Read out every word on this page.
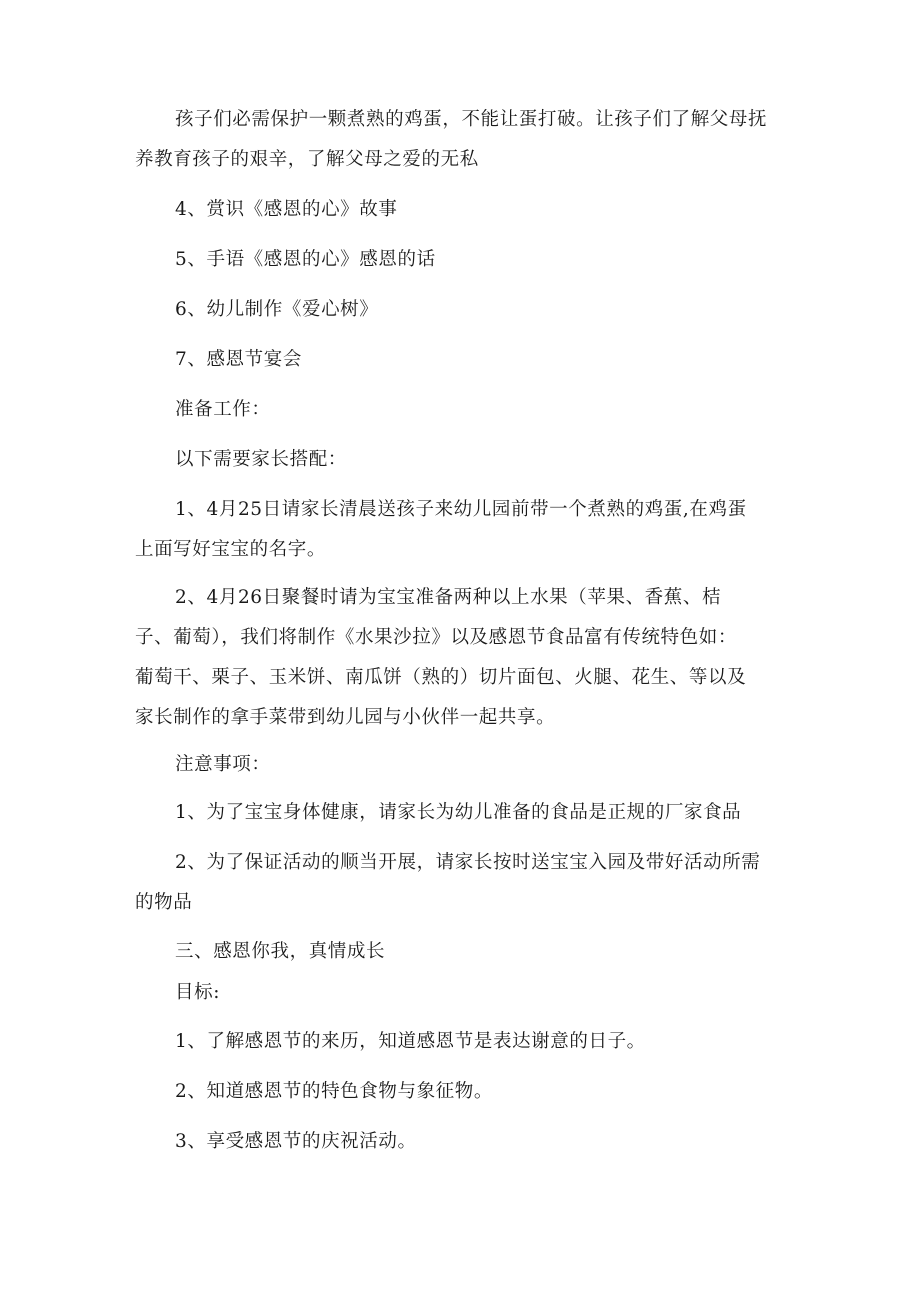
孩子们必需保护一颗煮熟的鸡蛋，不能让蛋打破。让孩子们了解父母抚
养教育孩子的艰辛，了解父母之爱的无私

4、赏识《感恩的心》故事

5、手语《感恩的心》感恩的话

6、幼儿制作《爱心树》

7、感恩节宴会

准备工作：

以下需要家长搭配：

1、4月25日请家长清晨送孩子来幼儿园前带一个煮熟的鸡蛋,在鸡蛋
上面写好宝宝的名字。

2、4月26日聚餐时请为宝宝准备两种以上水果（苹果、香蕉、桔
子、葡萄），我们将制作《水果沙拉》以及感恩节食品富有传统特色如：
葡萄干、栗子、玉米饼、南瓜饼（熟的）切片面包、火腿、花生、等以及
家长制作的拿手菜带到幼儿园与小伙伴一起共享。

注意事项：

1、为了宝宝身体健康，请家长为幼儿准备的食品是正规的厂家食品

2、为了保证活动的顺当开展，请家长按时送宝宝入园及带好活动所需
的物品

三、感恩你我，真情成长

目标:

1、了解感恩节的来历，知道感恩节是表达谢意的日子。

2、知道感恩节的特色食物与象征物。

3、享受感恩节的庆祝活动。
